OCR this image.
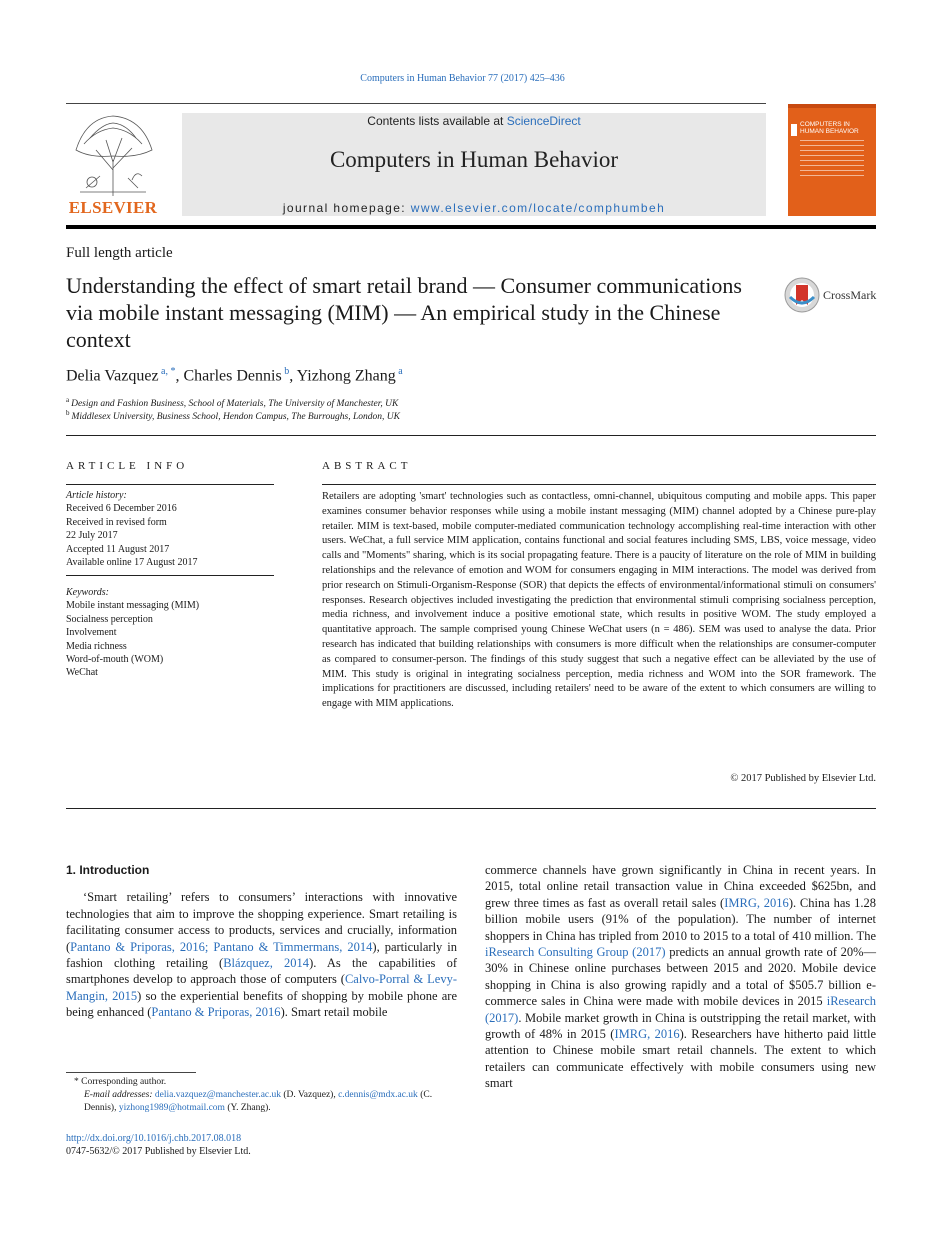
Computers in Human Behavior 77 (2017) 425–436
ELSEVIER
Contents lists available at ScienceDirect
Computers in Human Behavior
journal homepage: www.elsevier.com/locate/comphumbeh
COMPUTERS IN HUMAN BEHAVIOR
Full length article
Understanding the effect of smart retail brand — Consumer communications via mobile instant messaging (MIM) — An empirical study in the Chinese context
CrossMark
Delia Vazquez $^{a, *}$, Charles Dennis $^b$, Yizhong Zhang $^a$
$^a$ Design and Fashion Business, School of Materials, The University of Manchester, UK
$^b$ Middlesex University, Business School, Hendon Campus, The Burroughs, London, UK
ARTICLE INFO	ABSTRACT
Article history:
Received 6 December 2016
Received in revised form
22 July 2017
Accepted 11 August 2017
Available online 17 August 2017
Keywords:
Mobile instant messaging (MIM)
Socialness perception
Involvement
Media richness
Word-of-mouth (WOM)
WeChat
Retailers are adopting 'smart' technologies such as contactless, omni-channel, ubiquitous computing and mobile apps. This paper examines consumer behavior responses while using a mobile instant messaging (MIM) channel adopted by a Chinese pure-play retailer. MIM is text-based, mobile computer-mediated communication technology accomplishing real-time interaction with other users. WeChat, a full service MIM application, contains functional and social features including SMS, LBS, voice message, video calls and "Moments" sharing, which is its social propagating feature. There is a paucity of literature on the role of MIM in building relationships and the relevance of emotion and WOM for consumers engaging in MIM interactions. The model was derived from prior research on Stimuli-Organism-Response (SOR) that depicts the effects of environmental/informational stimuli on consumers' responses. Research objectives included investigating the prediction that environmental stimuli comprising socialness perception, media richness, and involvement induce a positive emotional state, which results in positive WOM. The study employed a quantitative approach. The sample comprised young Chinese WeChat users (n = 486). SEM was used to analyse the data. Prior research has indicated that building relationships with consumers is more difficult when the relationships are consumer-computer as compared to consumer-person. The findings of this study suggest that such a negative effect can be alleviated by the use of MIM. This study is original in integrating socialness perception, media richness and WOM into the SOR framework. The implications for practitioners are discussed, including retailers' need to be aware of the extent to which consumers are willing to engage with MIM applications.
© 2017 Published by Elsevier Ltd.
1. Introduction

‘Smart retailing’ refers to consumers’ interactions with innovative technologies that aim to improve the shopping experience. Smart retailing is facilitating consumer access to products, services and crucially, information (Pantano & Priporas, 2016; Pantano & Timmermans, 2014), particularly in fashion clothing retailing (Blázquez, 2014). As the capabilities of smartphones develop to approach those of computers (Calvo-Porral & Levy-Mangin, 2015) so the experiential benefits of shopping by mobile phone are being enhanced (Pantano & Priporas, 2016). Smart retail mobile

commerce channels have grown significantly in China in recent years. In 2015, total online retail transaction value in China exceeded $625bn, and grew three times as fast as overall retail sales (IMRG, 2016). China has 1.28 billion mobile users (91% of the population). The number of internet shoppers in China has tripled from 2010 to 2015 to a total of 410 million. The iResearch Consulting Group (2017) predicts an annual growth rate of 20%—30% in Chinese online purchases between 2015 and 2020. Mobile device shopping in China is also growing rapidly and a total of $505.7 billion e-commerce sales in China were made with mobile devices in 2015 iResearch (2017). Mobile market growth in China is outstripping the retail market, with growth of 48% in 2015 (IMRG, 2016). Researchers have hitherto paid little attention to Chinese mobile smart retail channels. The extent to which retailers can communicate effectively with mobile consumers using new smart

* Corresponding author.
E-mail addresses: delia.vazquez@manchester.ac.uk (D. Vazquez), c.dennis@mdx.ac.uk (C. Dennis), yizhong1989@hotmail.com (Y. Zhang).
http://dx.doi.org/10.1016/j.chb.2017.08.018
0747-5632/© 2017 Published by Elsevier Ltd.
